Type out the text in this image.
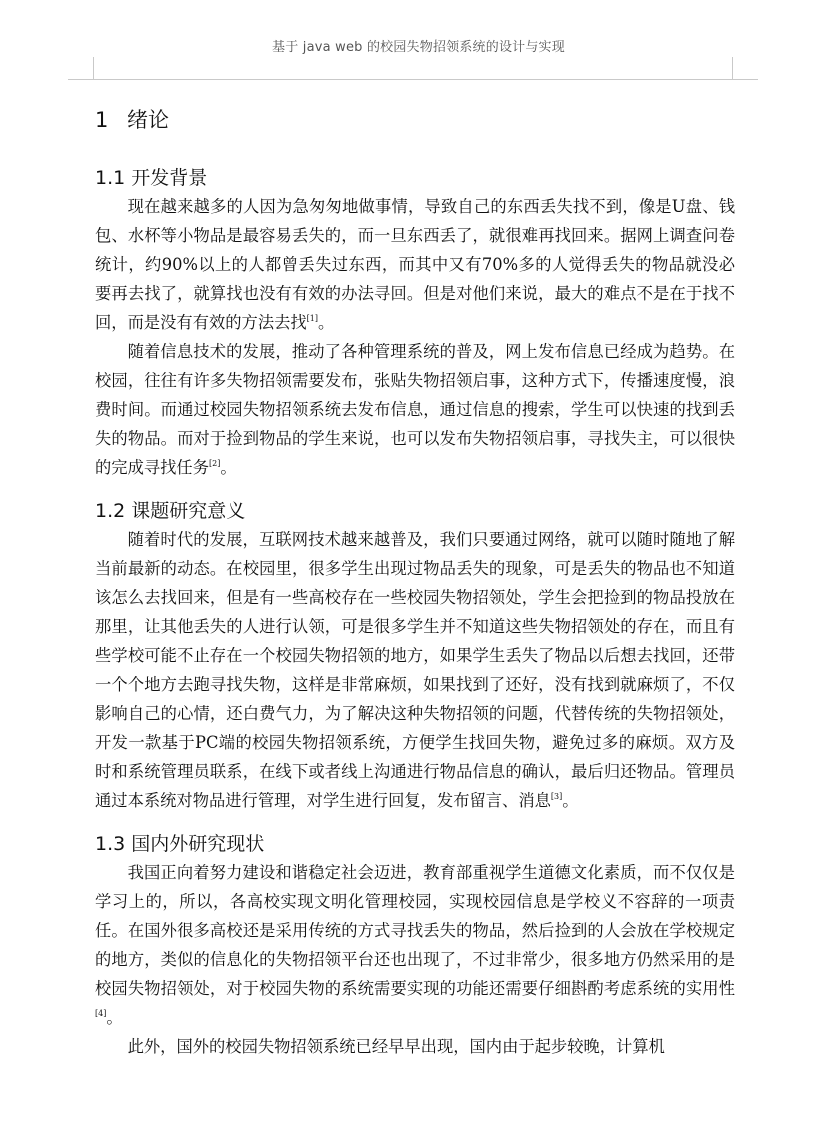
基于 java web 的校园失物招领系统的设计与实现
1 绪论
1.1 开发背景

现在越来越多的人因为急匆匆地做事情，导致自己的东西丢失找不到，像是U盘、钱包、水杯等小物品是最容易丢失的，而一旦东西丢了，就很难再找回来。据网上调查问卷统计，约90%以上的人都曾丢失过东西，而其中又有70%多的人觉得丢失的物品就没必要再去找了，就算找也没有有效的办法寻回。但是对他们来说，最大的难点不是在于找不回，而是没有有效的方法去找[1]。

随着信息技术的发展，推动了各种管理系统的普及，网上发布信息已经成为趋势。在校园，往往有许多失物招领需要发布，张贴失物招领启事，这种方式下，传播速度慢，浪费时间。而通过校园失物招领系统去发布信息，通过信息的搜索，学生可以快速的找到丢失的物品。而对于捡到物品的学生来说，也可以发布失物招领启事，寻找失主，可以很快的完成寻找任务[2]。

1.2 课题研究意义

随着时代的发展，互联网技术越来越普及，我们只要通过网络，就可以随时随地了解当前最新的动态。在校园里，很多学生出现过物品丢失的现象，可是丢失的物品也不知道该怎么去找回来，但是有一些高校存在一些校园失物招领处，学生会把捡到的物品投放在那里，让其他丢失的人进行认领，可是很多学生并不知道这些失物招领处的存在，而且有些学校可能不止存在一个校园失物招领的地方，如果学生丢失了物品以后想去找回，还带一个个地方去跑寻找失物，这样是非常麻烦，如果找到了还好，没有找到就麻烦了，不仅影响自己的心情，还白费气力，为了解决这种失物招领的问题，代替传统的失物招领处，开发一款基于PC端的校园失物招领系统，方便学生找回失物，避免过多的麻烦。双方及时和系统管理员联系，在线下或者线上沟通进行物品信息的确认，最后归还物品。管理员通过本系统对物品进行管理，对学生进行回复，发布留言、消息[3]。

1.3 国内外研究现状

我国正向着努力建设和谐稳定社会迈进，教育部重视学生道德文化素质，而不仅仅是学习上的，所以，各高校实现文明化管理校园，实现校园信息是学校义不容辞的一项责任。在国外很多高校还是采用传统的方式寻找丢失的物品，然后捡到的人会放在学校规定的地方，类似的信息化的失物招领平台还也出现了，不过非常少，很多地方仍然采用的是校园失物招领处，对于校园失物的系统需要实现的功能还需要仔细斟酌考虑系统的实用性[4]。

此外，国外的校园失物招领系统已经早早出现，国内由于起步较晚，计算机
